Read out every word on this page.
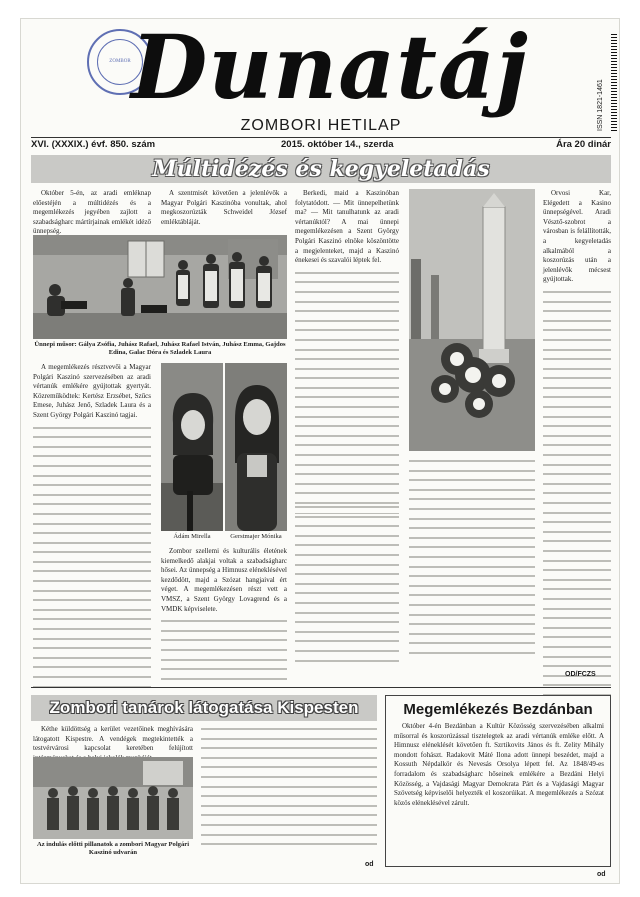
ZOMBOR Dunatáj
ZOMBORI HETILAP	ISSN 1821-1461
XVI. (XXXIX.) évf. 850. szám	2015. október 14., szerda	Ára 20 dinár
Múltidézés és kegyeletadás

Október 5-én, az aradi emléknap előestéjén a múltidézés és a megemlékezés jegyében zajlott a szabadságharc mártírjainak emlékét idéző ünnepség.

A szentmisét követően a jelenlévők a Magyar Polgári Kaszinóba vonultak, ahol megkoszorúzták Schweidel József emléktábláját.

Ünnepi műsor: Gálya Zsófia, Juhász Rafael, Juhász Rafael István, Juhász Emma, Gajdos Edina, Galac Dóra és Szladek Laura

Berkedi, maid a Kaszinóban folytatódott. — Mit ünnepelhetünk ma? — Mit tanulhatunk az aradi vértanúktól? A mai ünnepi megemlékezésen a Szent György Polgári Kaszinó elnöke köszöntötte a megjelenteket, majd a Kaszinó énekesei és szavalói léptek fel.

Orvosi Kar, Elégedett a Kasino ünnepségével. Aradi Vésztő-szobrot a városban is felállították, a kegyeletadás alkalmából a koszorúzás után a jelenlévők mécsest gyújtottak.

A megemlékezés résztvevői a Magyar Polgári Kaszinó szervezésében az aradi vértanúk emlékére gyújtottak gyertyát. Közreműködtek: Kertész Erzsébet, Szűcs Emese, Juhász Jenő, Szladek Laura és a Szent György Polgári Kaszinó tagjai.

Ádám Mirella	Gerstmajer Mónika

Zombor szellemi és kulturális életének kiemelkedő alakjai voltak a szabadságharc hősei. Az ünnepség a Himnusz eléneklésével kezdődött, majd a Szózat hangjaival ért véget. A megemlékezésen részt vett a VMSZ, a Szent György Lovagrend és a VMDK képviselete.

OD/FCZS
Zombori tanárok látogatása Kispesten

Kéthe küldöttség a kerület vezetőinek meghívására látogatott Kispestre. A vendégek megtekintették a testvérvárosi kapcsolat keretében felújított

Az indulás előtti pillanatok a zombori Magyar Polgári Kaszinó udvarán
od
Megemlékezés Bezdánban

Október 4-én Bezdánban a Kultúr Közösség szervezésében alkalmi műsorral és koszorúzással tisztelegtek az aradi vértanúk emléke előtt. A Himnusz eléneklését követően ft. Szrtikovits János és ft. Zelity Mihály mondott fohászt. Radakovit Máté Ilona adott ünnepi beszédet, majd a Kossuth Népdalkör és Nevesás Orsolya lépett fel. Az 1848/49-es forradalom és szabadságharc hőseinek emlékére a Bezdáni Helyi Közösség, a Vajdasági Magyar Demokrata Párt és a Vajdasági Magyar Szövetség képviselői helyezték el koszorúikat. A megemlékezés a Szózat közös eléneklésével zárult.

od
